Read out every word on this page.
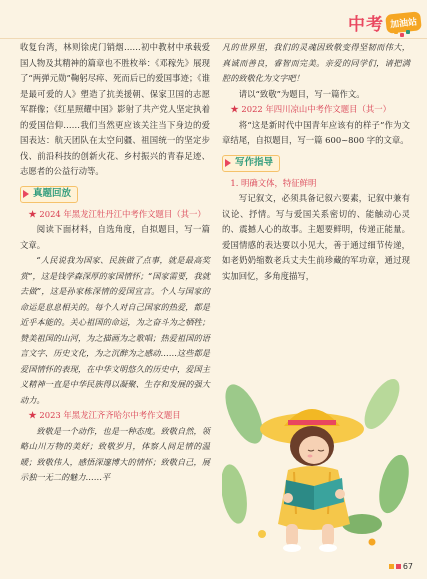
中考 加油站

收复台湾，林则徐虎门销烟……初中教材中承载爱国人物及其精神的篇章也不胜枚举：《邓稼先》展现了“两弹元勋”鞠躬尽瘁、死而后已的爱国事迹；《谁是最可爱的人》塑造了抗美援朝、保家卫国的志愿军群像；《红星照耀中国》影射了共产党人坚定执着的爱国信仰……我们当然更应该关注当下身边的爱国表达：航天团队在太空问疆、祖国统一的坚定步伐、前沿科技的创新火花、乡村振兴的青春足迹、志愿者的公益行动等。

真题回放

★ 2024 年黑龙江牡丹江中考作文题目（其一）

阅读下面材料，自选角度，自拟题目，写一篇文章。

“人民说我为国家、民族做了点事，就是最高奖赏”，这是钱学森深厚的家国情怀；“国家需要，我就去做”，这是孙家栋深情的爱国宣言。个人与国家的命运是息息相关的。每个人对自己国家的热爱，都是近乎本能的。关心祖国的命运，为之奋斗为之牺牲；赞美祖国的山河，为之描画为之歌唱；热爱祖国的语言文字、历史文化，为之沉醉为之感动……这些都是爱国情怀的表现，在中华文明悠久的历史中，爱国主义精神一直是中华民族得以凝聚、生存和发展的强大动力。

★ 2023 年黑龙江齐齐哈尔中考作文题目

致敬是一个动作，也是一种态度。致敬自然，领略山川万物的美好；致敬岁月，体察人间足情的温暖；致敬伟人，感悟深邃博大的情怀；致敬自己，展示独一无二的魅力……平

凡的世界里，我们的灵魂因致敬变得坚韧而伟大，真诚而善良，睿智而完美。亲爱的同学们，请把满腔的致敬化为文字吧！

请以“致敬”为题目，写一篇作文。

★ 2022 年四川凉山中考作文题目（其一）

将“这是新时代中国青年应该有的样子”作为文章结尾，自拟题目，写一篇 600~800 字的文章。

写作指导

1. 明确文体，特征鲜明

写记叙文，必须具备记叙六要素，记叙中兼有议论、抒情。写与爱国关系密切的、能触动心灵的、震撼人心的故事。主题要鲜明，传递正能量。爱国情感的表达要以小见大，善于通过细节传递，如老奶奶缩数老兵丈夫生前珍藏的军功章，通过现实加回忆，多角度描写，

67
